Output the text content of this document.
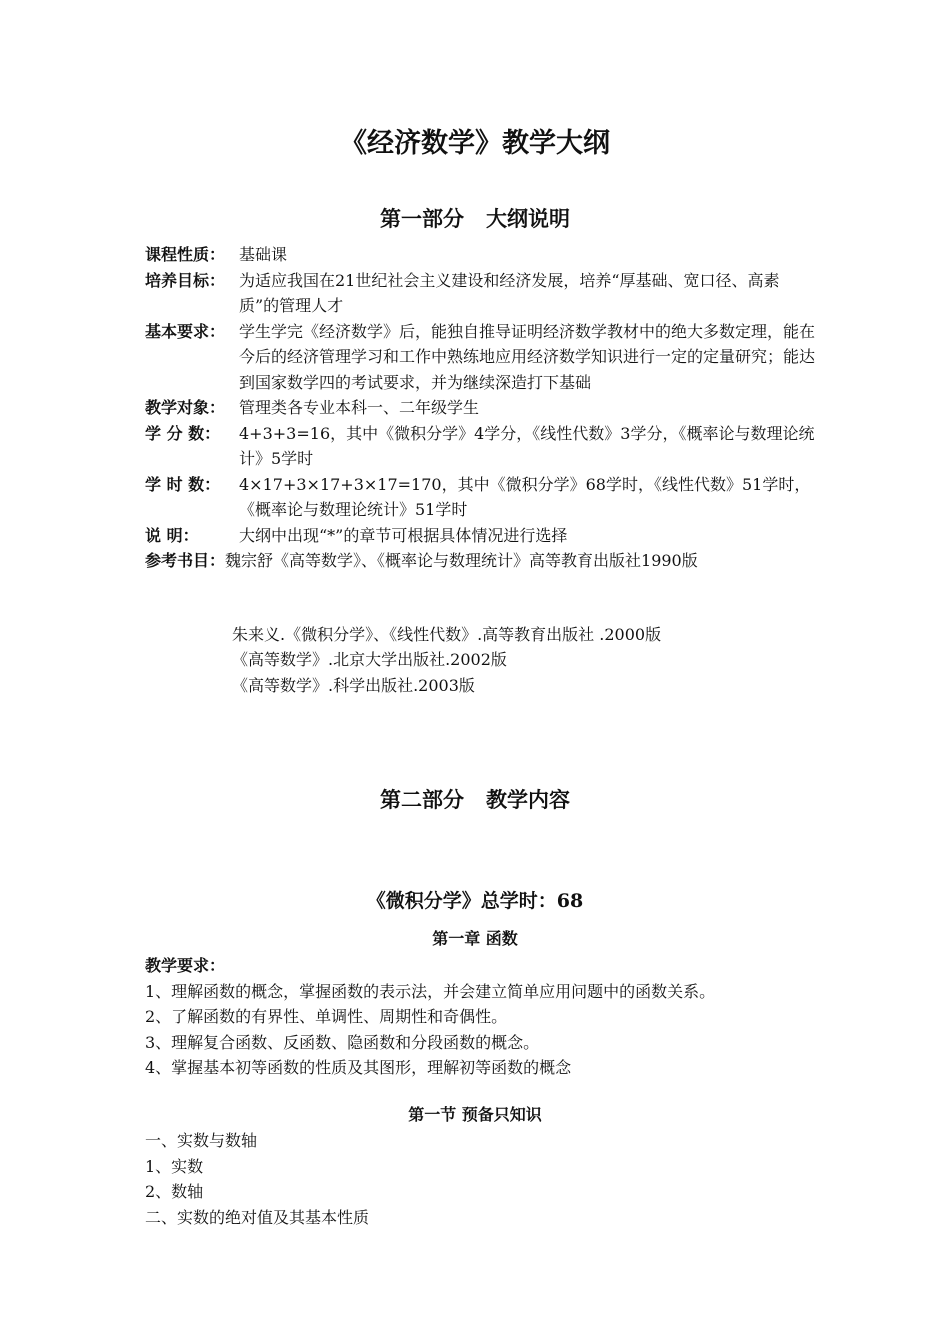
《经济数学》教学大纲
第一部分 大纲说明
课程性质： 基础课
培养目标： 为适应我国在21世纪社会主义建设和经济发展，培养“厚基础、宽口径、高素质”的管理人才
基本要求： 学生学完《经济数学》后，能独自推导证明经济数学教材中的绝大多数定理，能在今后的经济管理学习和工作中熟练地应用经济数学知识进行一定的定量研究；能达到国家数学四的考试要求，并为继续深造打下基础
教学对象： 管理类各专业本科一、二年级学生
学 分 数：	4+3+3=16，其中《微积分学》4学分，《线性代数》3学分，《概率论与数理论统计》5学时
学 时 数：	4×17+3×17+3×17=170，其中《微积分学》68学时，《线性代数》51学时，《概率论与数理论统计》51学时
说 明：	大纲中出现“*”的章节可根据具体情况进行选择
参考书目： 魏宗舒《高等数学》、《概率论与数理统计》高等教育出版社1990版
朱来义.《微积分学》、《线性代数》.高等教育出版社 .2000版
《高等数学》.北京大学出版社.2002版
《高等数学》.科学出版社.2003版
第二部分 教学内容
《微积分学》总学时：68
第一章 函数
教学要求：
1、理解函数的概念，掌握函数的表示法，并会建立简单应用问题中的函数关系。
2、了解函数的有界性、单调性、周期性和奇偶性。
3、理解复合函数、反函数、隐函数和分段函数的概念。
4、掌握基本初等函数的性质及其图形，理解初等函数的概念
第一节 预备只知识
一、实数与数轴
1、实数
2、数轴
二、实数的绝对值及其基本性质
